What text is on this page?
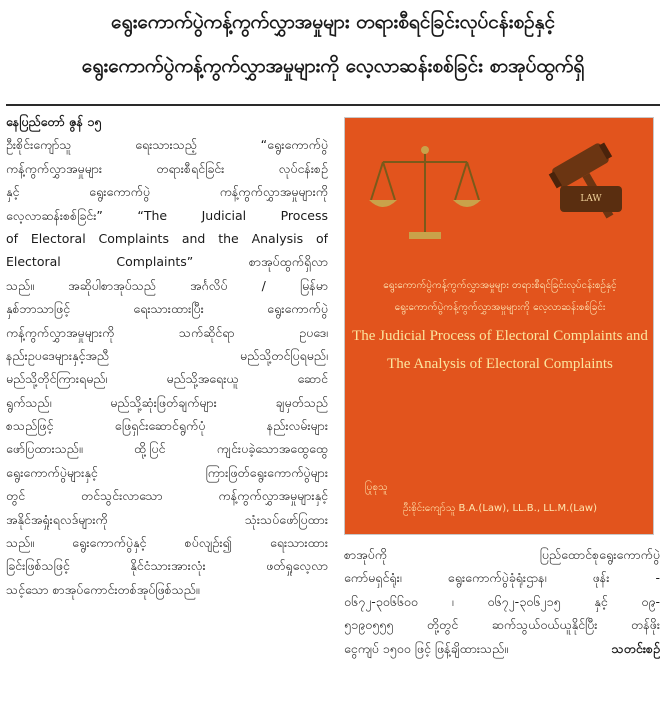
ရွေးကောက်ပွဲကန့်ကွက်လွှာအမှုများ တရားစီရင်ခြင်းလုပ်ငန်းစဉ်နှင့်
ရွေးကောက်ပွဲကန့်ကွက်လွှာအမှုများကို လေ့လာဆန်းစစ်ခြင်း စာအုပ်ထွက်ရှိ
နေပြည်တော် ဇွန် ၁၅
ဦးစိုင်းကျော်သူ ရေးသားသည့် “ရွေးကောက်ပွဲ
ကန့်ကွက်လွှာအမှုများ တရားစီရင်ခြင်း လုပ်ငန်းစဉ်
နှင့် ရွေးကောက်ပွဲ ကန့်ကွက်လွှာအမှုများကို
လေ့လာဆန်းစစ်ခြင်း” “The Judicial Process
of Electoral Complaints and the Analysis of
Electoral Complaints” စာအုပ်ထွက်ရှိလာ
သည်။ အဆိုပါစာအုပ်သည် အင်္ဂလိပ် / မြန်မာ
နှစ်ဘာသာဖြင့် ရေးသားထားပြီး ရွေးကောက်ပွဲ
ကန့်ကွက်လွှာအမှုများကို သက်ဆိုင်ရာ ဥပဒေ၊
နည်းဥပဒေများနှင့်အညီ မည်သို့တင်ပြရမည်၊
မည်သို့တိုင်ကြားရမည်၊ မည်သို့အရေးယူ ဆောင်
ရွက်သည်၊ မည်သို့ဆုံးဖြတ်ချက်များ ချမှတ်သည်
စသည်ဖြင့် ဖြေရှင်းဆောင်ရွက်ပုံ နည်းလမ်းများ
ဖော်ပြထားသည်။ ထို့ပြင် ကျင်းပခဲ့သောအထွေထွေ
ရွေးကောက်ပွဲများနှင့် ကြားဖြတ်ရွေးကောက်ပွဲများ
တွင် တင်သွင်းလာသော ကန့်ကွက်လွှာအမှုများနှင့်
အနိုင်အရှုံးရလဒ်များကို သုံးသပ်ဖော်ပြထား
သည်။ ရွေးကောက်ပွဲနှင့် စပ်လျဉ်း၍ ရေးသားထား
ခြင်းဖြစ်သဖြင့် နိုင်ငံသားအားလုံး ဖတ်ရှုလေ့လာ
သင့်သော စာအုပ်ကောင်းတစ်အုပ်ဖြစ်သည်။
LAW
ရွေးကောက်ပွဲကန့်ကွက်လွှာအမှုများ တရားစီရင်ခြင်းလုပ်ငန်းစဉ်နှင့်
ရွေးကောက်ပွဲကန့်ကွက်လွှာအမှုများကို လေ့လာဆန်းစစ်ခြင်း
The Judicial Process of Electoral Complaints and
The Analysis of Electoral Complaints
ပြုစုသူ
ဦးစိုင်းကျော်သူ B.A.(Law), LL.B., LL.M.(Law)
စာအုပ်ကို ပြည်ထောင်စုရွေးကောက်ပွဲ
ကော်မရှင်ရုံး၊ ရွေးကောက်ပွဲခုံရုံးဌာန၊ ဖုန်း -
၀၆၇၂-၃၀၆၆၀၀ ၊ ၀၆၇၂-၃၀၆၂၁၅ နှင့် ၀၉-
၅၁၉၀၅၅၅ တို့တွင် ဆက်သွယ်ဝယ်ယူနိုင်ပြီး တန်ဖိုး
ငွေကျပ် ၁၅၀၀ ဖြင့် ဖြန့်ချိထားသည်။	သတင်းစဉ်
